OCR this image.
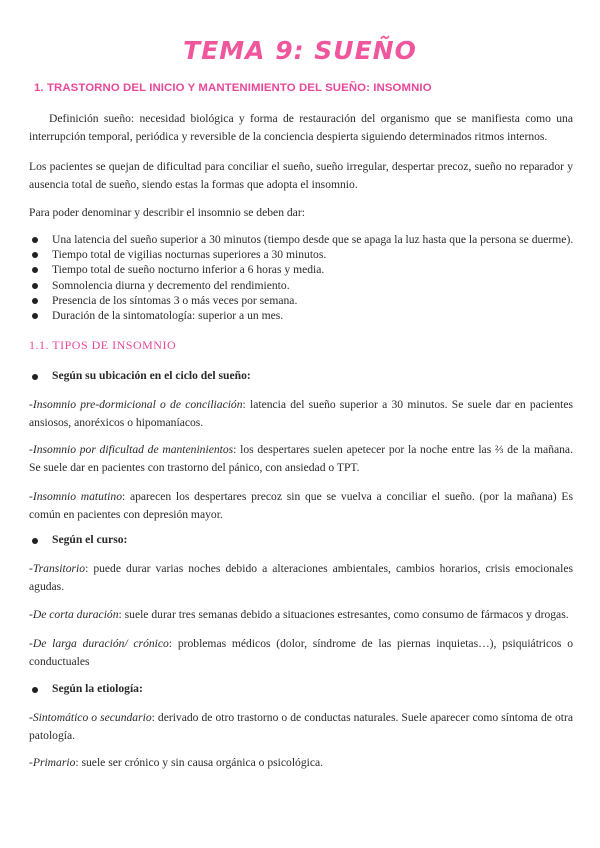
TEMA 9: SUEÑO
1. TRASTORNO DEL INICIO Y MANTENIMIENTO DEL SUEÑO: INSOMNIO
Definición sueño: necesidad biológica y forma de restauración del organismo que se manifiesta como una interrupción temporal, periódica y reversible de la conciencia despierta siguiendo determinados ritmos internos.
Los pacientes se quejan de dificultad para conciliar el sueño, sueño irregular, despertar precoz, sueño no reparador y ausencia total de sueño, siendo estas la formas que adopta el insomnio.
Para poder denominar y describir el insomnio se deben dar:
Una latencia del sueño superior a 30 minutos (tiempo desde que se apaga la luz hasta que la persona se duerme).
Tiempo total de vigilias nocturnas superiores a 30 minutos.
Tiempo total de sueño nocturno inferior a 6 horas y media.
Somnolencia diurna y decremento del rendimiento.
Presencia de los síntomas 3 o más veces por semana.
Duración de la sintomatología: superior a un mes.
1.1. TIPOS DE INSOMNIO
Según su ubicación en el ciclo del sueño:
-Insomnio pre-dormicional o de conciliación: latencia del sueño superior a 30 minutos. Se suele dar en pacientes ansiosos, anoréxicos o hipomaníacos.
-Insomnio por dificultad de manteninientos: los despertares suelen apetecer por la noche entre las ⅔ de la mañana. Se suele dar en pacientes con trastorno del pánico, con ansiedad o TPT.
-Insomnio matutino: aparecen los despertares precoz sin que se vuelva a conciliar el sueño. (por la mañana) Es común en pacientes con depresión mayor.
Según el curso:
-Transitorio: puede durar varias noches debido a alteraciones ambientales, cambios horarios, crisis emocionales agudas.
-De corta duración: suele durar tres semanas debido a situaciones estresantes, como consumo de fármacos y drogas.
-De larga duración/ crónico: problemas médicos (dolor, síndrome de las piernas inquietas…), psiquiátricos o conductuales
Según la etiología:
-Sintomático o secundario: derivado de otro trastorno o de conductas naturales. Suele aparecer como síntoma de otra patología.
-Primario: suele ser crónico y sin causa orgánica o psicológica.
